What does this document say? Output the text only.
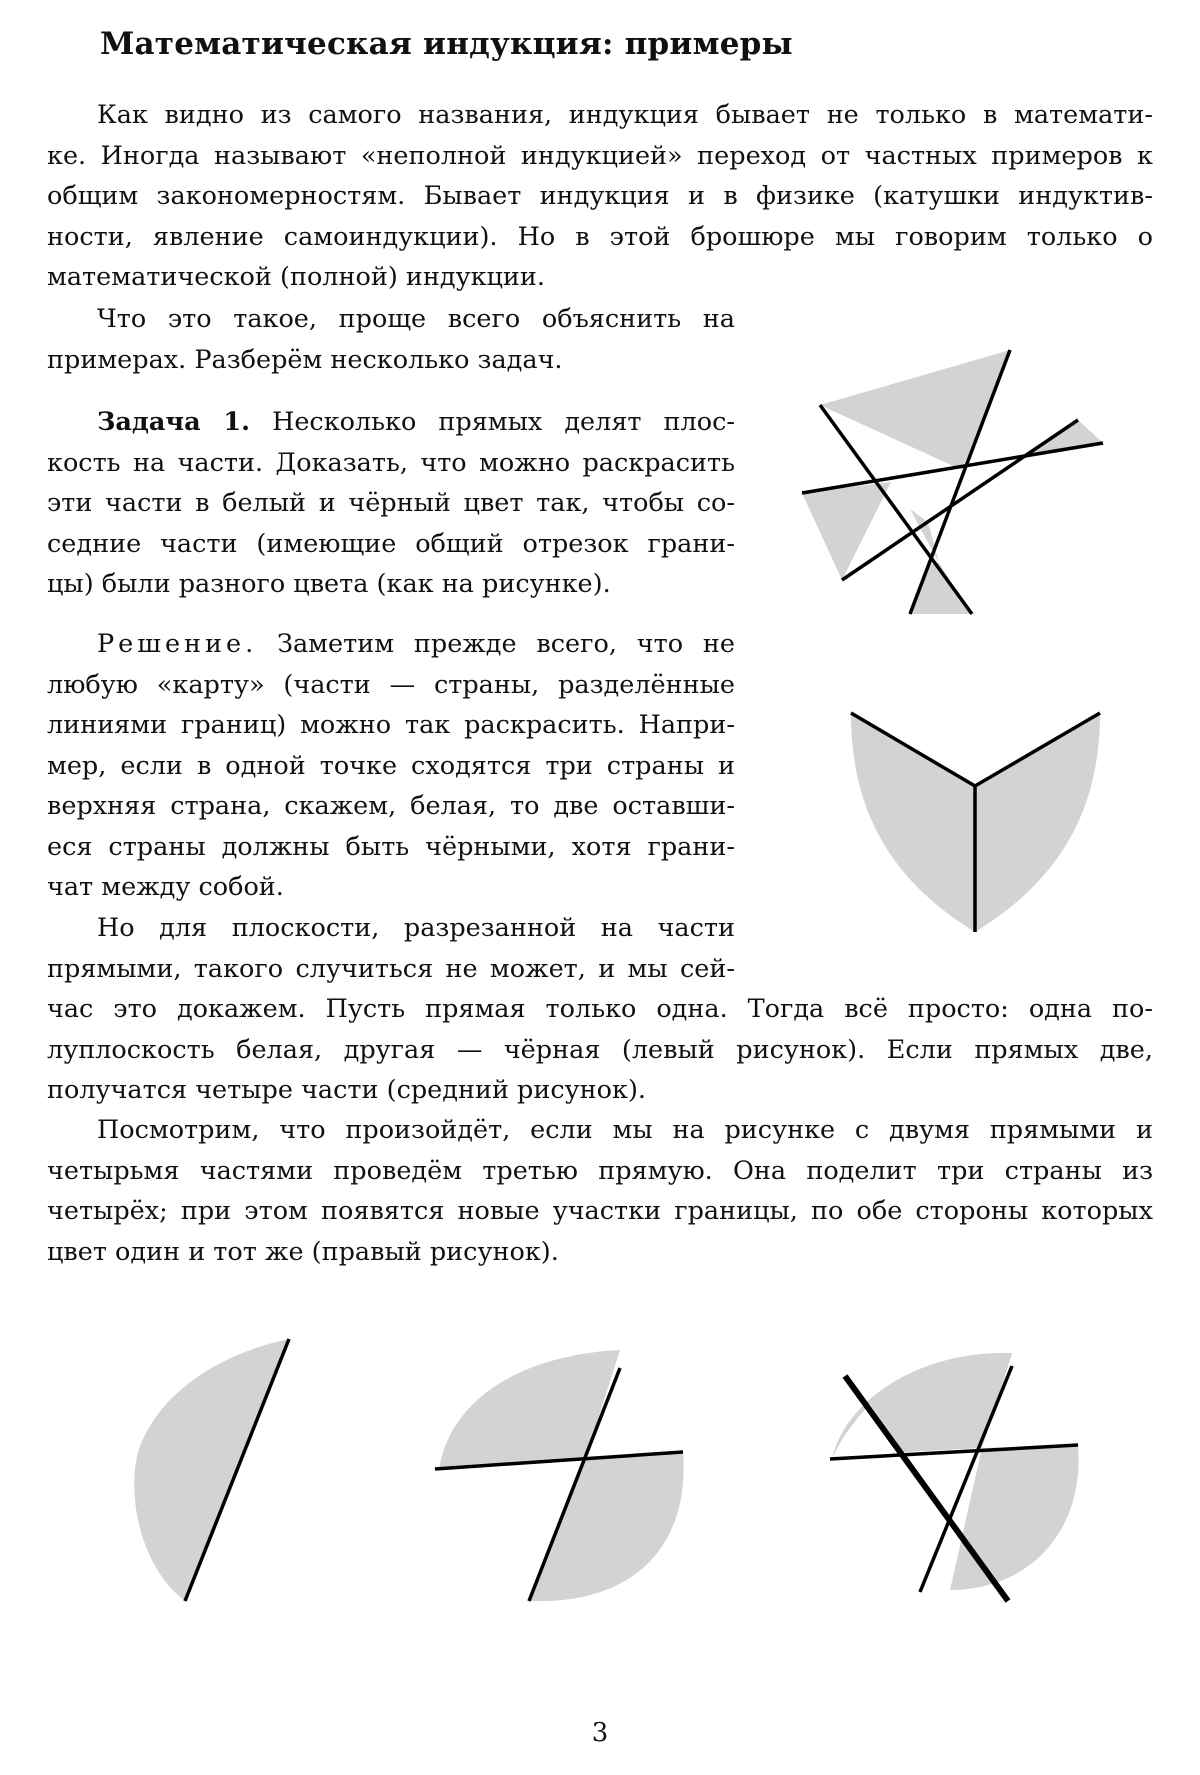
Математическая индукция: примеры
Как видно из самого названия, индукция бывает не только в математи-
ке. Иногда называют «неполной индукцией» переход от частных примеров к
общим закономерностям. Бывает индукция и в физике (катушки индуктив-
ности, явление самоиндукции). Но в этой брошюре мы говорим только о
математической (полной) индукции.
Что это такое, проще всего объяснить на
примерах. Разберём несколько задач.
Задача 1. Несколько прямых делят плос-
кость на части. Доказать, что можно раскрасить
эти части в белый и чёрный цвет так, чтобы со-
седние части (имеющие общий отрезок грани-
цы) были разного цвета (как на рисунке).
Решение. Заметим прежде всего, что не
любую «карту» (части — страны, разделённые
линиями границ) можно так раскрасить. Напри-
мер, если в одной точке сходятся три страны и
верхняя страна, скажем, белая, то две оставши-
еся страны должны быть чёрными, хотя грани-
чат между собой.
Но для плоскости, разрезанной на части
прямыми, такого случиться не может, и мы сей-
час это докажем. Пусть прямая только одна. Тогда всё просто: одна по-
луплоскость белая, другая — чёрная (левый рисунок). Если прямых две,
получатся четыре части (средний рисунок).
Посмотрим, что произойдёт, если мы на рисунке с двумя прямыми и
четырьмя частями проведём третью прямую. Она поделит три страны из
четырёх; при этом появятся новые участки границы, по обе стороны которых
цвет один и тот же (правый рисунок).
3
